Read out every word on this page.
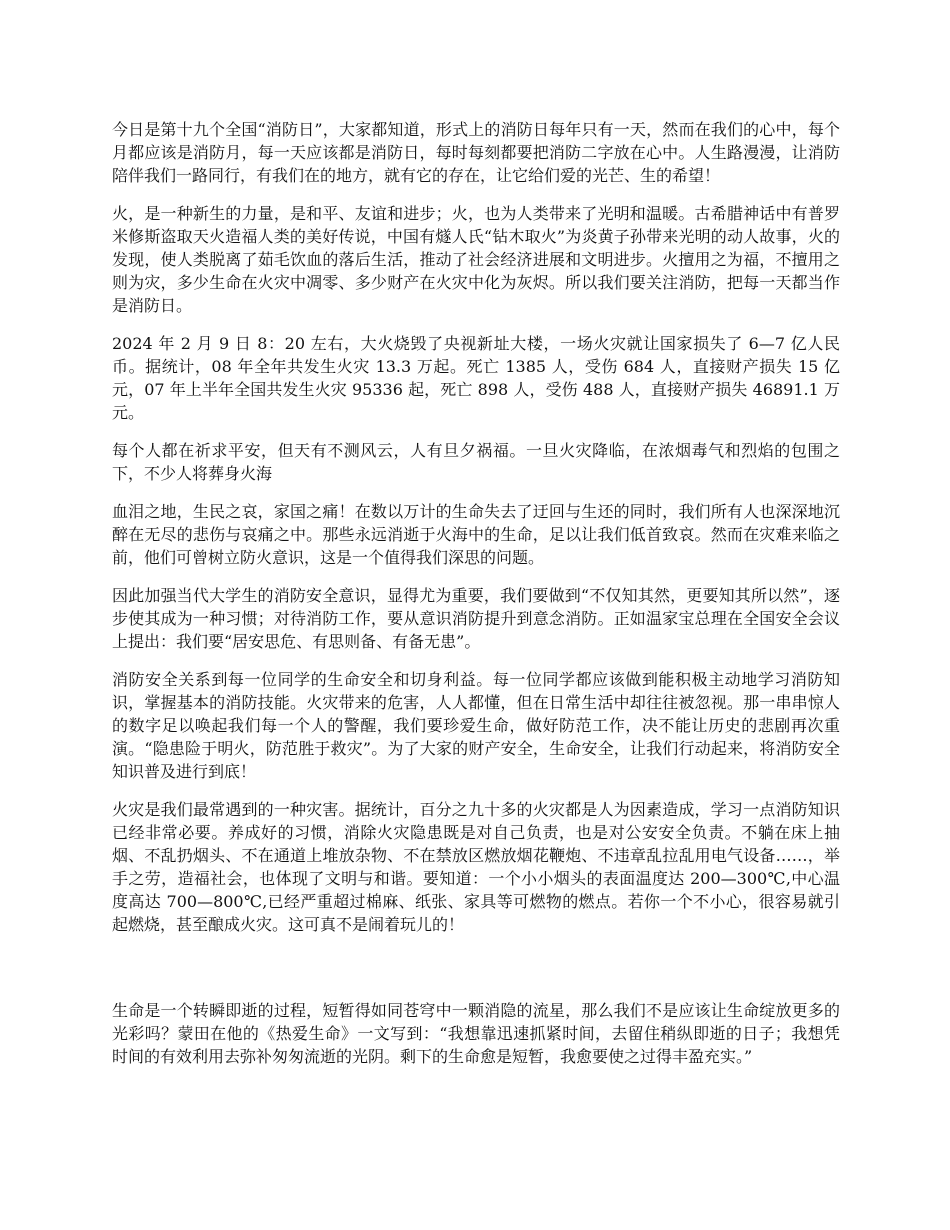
今日是第十九个全国“消防日”，大家都知道，形式上的消防日每年只有一天，然而在我们的心中，每个月都应该是消防月，每一天应该都是消防日，每时每刻都要把消防二字放在心中。人生路漫漫，让消防陪伴我们一路同行，有我们在的地方，就有它的存在，让它给们爱的光芒、生的希望！

火，是一种新生的力量，是和平、友谊和进步；火，也为人类带来了光明和温暖。古希腊神话中有普罗米修斯盗取天火造福人类的美好传说，中国有燧人氏“钻木取火”为炎黄子孙带来光明的动人故事，火的发现，使人类脱离了茹毛饮血的落后生活，推动了社会经济进展和文明进步。火擅用之为福，不擅用之则为灾，多少生命在火灾中凋零、多少财产在火灾中化为灰烬。所以我们要关注消防，把每一天都当作是消防日。

2024 年 2 月 9 日 8：20 左右，大火烧毁了央视新址大楼，一场火灾就让国家损失了 6—7 亿人民币。据统计，08 年全年共发生火灾 13.3 万起。死亡 1385 人，受伤 684 人，直接财产损失 15 亿元，07 年上半年全国共发生火灾 95336 起，死亡 898 人，受伤 488 人，直接财产损失 46891.1 万元。

每个人都在祈求平安，但天有不测风云，人有旦夕祸福。一旦火灾降临，在浓烟毒气和烈焰的包围之下，不少人将葬身火海

血泪之地，生民之哀，家国之痛！在数以万计的生命失去了迂回与生还的同时，我们所有人也深深地沉醉在无尽的悲伤与哀痛之中。那些永远消逝于火海中的生命，足以让我们低首致哀。然而在灾难来临之前，他们可曾树立防火意识，这是一个值得我们深思的问题。

因此加强当代大学生的消防安全意识，显得尤为重要，我们要做到“不仅知其然，更要知其所以然”，逐步使其成为一种习惯；对待消防工作，要从意识消防提升到意念消防。正如温家宝总理在全国安全会议上提出：我们要“居安思危、有思则备、有备无患”。

消防安全关系到每一位同学的生命安全和切身利益。每一位同学都应该做到能积极主动地学习消防知识，掌握基本的消防技能。火灾带来的危害，人人都懂，但在日常生活中却往往被忽视。那一串串惊人的数字足以唤起我们每一个人的警醒，我们要珍爱生命，做好防范工作，决不能让历史的悲剧再次重演。“隐患险于明火，防范胜于救灾”。为了大家的财产安全，生命安全，让我们行动起来，将消防安全知识普及进行到底！

火灾是我们最常遇到的一种灾害。据统计，百分之九十多的火灾都是人为因素造成，学习一点消防知识已经非常必要。养成好的习惯，消除火灾隐患既是对自己负责，也是对公安安全负责。不躺在床上抽烟、不乱扔烟头、不在通道上堆放杂物、不在禁放区燃放烟花鞭炮、不违章乱拉乱用电气设备……，举手之劳，造福社会，也体现了文明与和谐。要知道：一个小小烟头的表面温度达 200—300℃,中心温度高达 700—800℃,已经严重超过棉麻、纸张、家具等可燃物的燃点。若你一个不小心，很容易就引起燃烧，甚至酿成火灾。这可真不是闹着玩儿的！

生命是一个转瞬即逝的过程，短暂得如同苍穹中一颗消隐的流星，那么我们不是应该让生命绽放更多的光彩吗？蒙田在他的《热爱生命》一文写到：“我想靠迅速抓紧时间，去留住稍纵即逝的日子；我想凭时间的有效利用去弥补匆匆流逝的光阴。剩下的生命愈是短暂，我愈要使之过得丰盈充实。”
